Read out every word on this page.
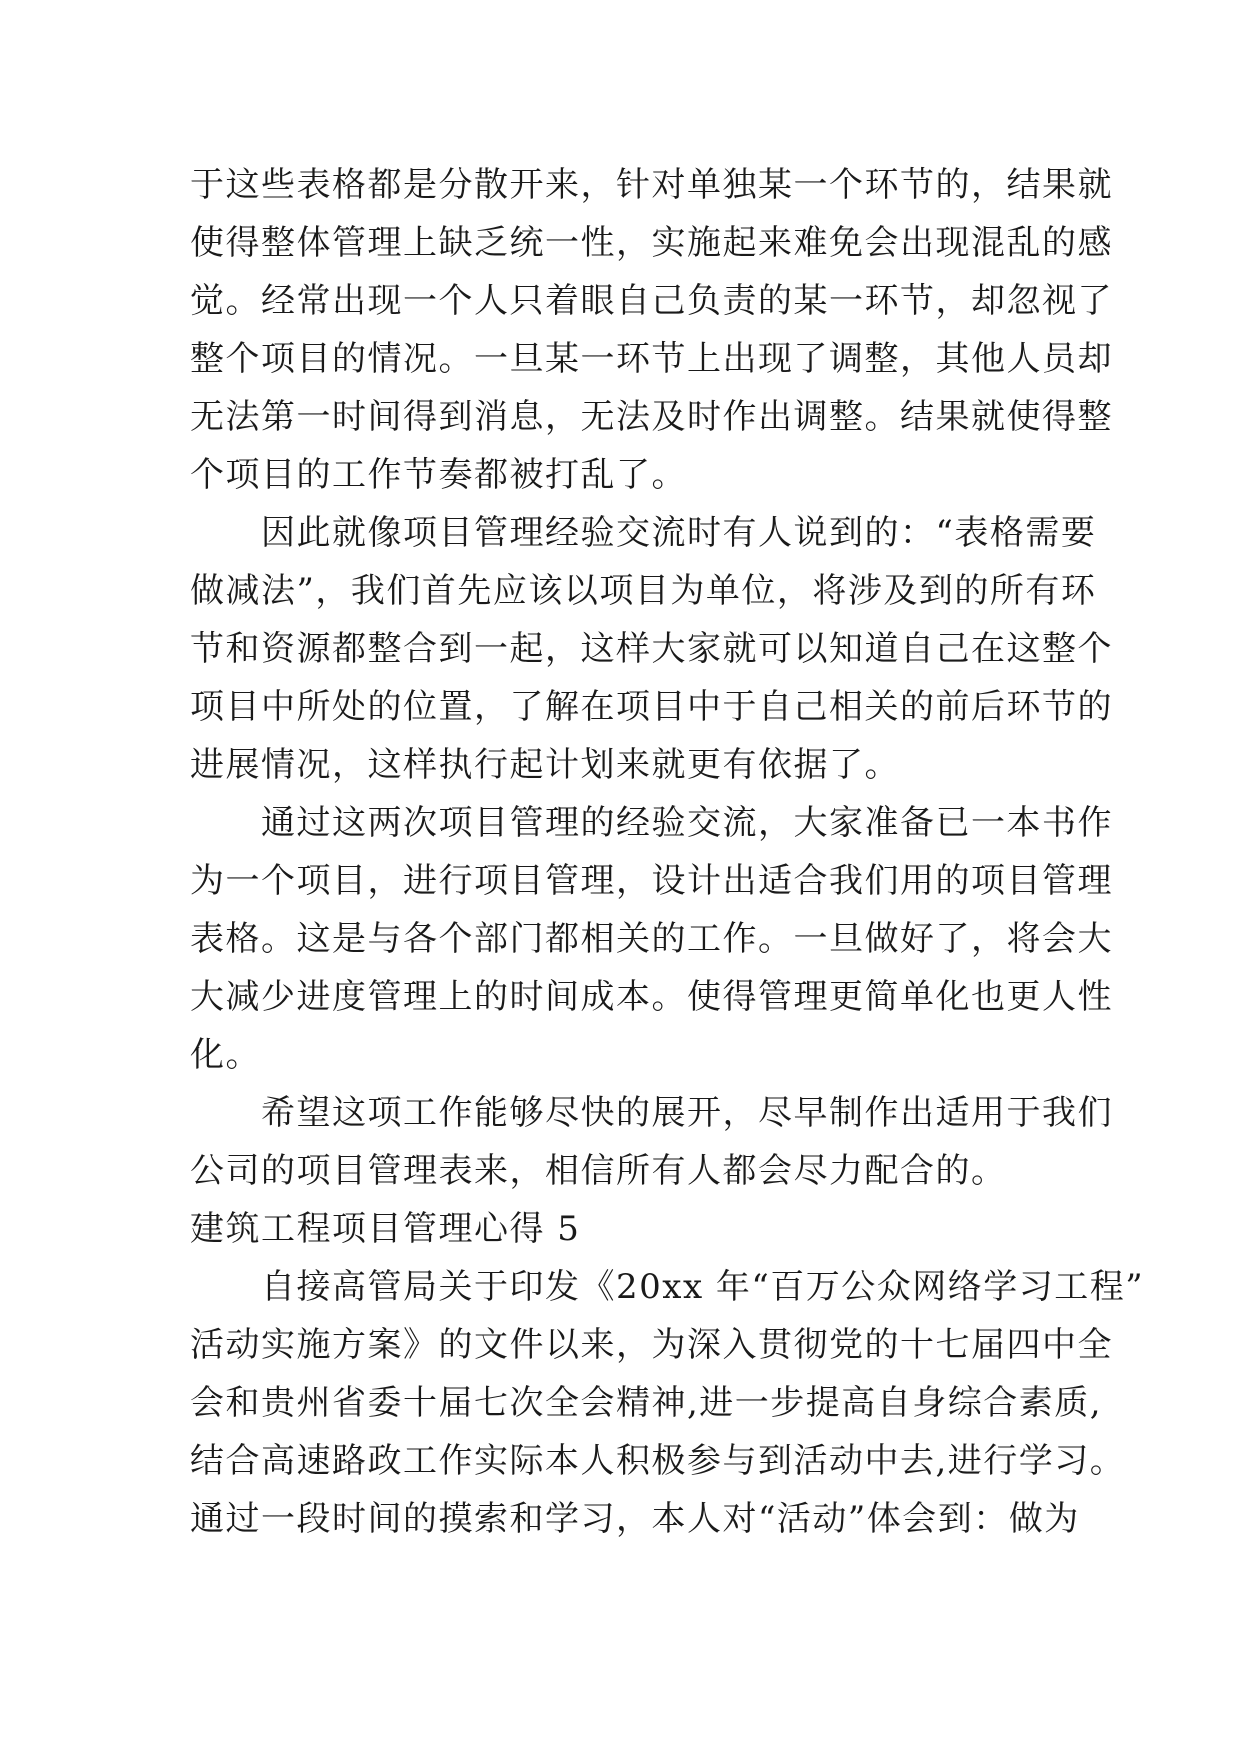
于这些表格都是分散开来，针对单独某一个环节的，结果就
使得整体管理上缺乏统一性，实施起来难免会出现混乱的感
觉。经常出现一个人只着眼自己负责的某一环节，却忽视了
整个项目的情况。一旦某一环节上出现了调整，其他人员却
无法第一时间得到消息，无法及时作出调整。结果就使得整
个项目的工作节奏都被打乱了。
　　因此就像项目管理经验交流时有人说到的：“表格需要
做减法”，我们首先应该以项目为单位，将涉及到的所有环
节和资源都整合到一起，这样大家就可以知道自己在这整个
项目中所处的位置，了解在项目中于自己相关的前后环节的
进展情况，这样执行起计划来就更有依据了。
　　通过这两次项目管理的经验交流，大家准备已一本书作
为一个项目，进行项目管理，设计出适合我们用的项目管理
表格。这是与各个部门都相关的工作。一旦做好了，将会大
大减少进度管理上的时间成本。使得管理更简单化也更人性
化。
　　希望这项工作能够尽快的展开，尽早制作出适用于我们
公司的项目管理表来，相信所有人都会尽力配合的。
建筑工程项目管理心得 5
　　自接高管局关于印发《20xx 年“百万公众网络学习工程”
活动实施方案》的文件以来，为深入贯彻党的十七届四中全
会和贵州省委十届七次全会精神,进一步提高自身综合素质,
结合高速路政工作实际本人积极参与到活动中去,进行学习。
通过一段时间的摸索和学习，本人对“活动”体会到：做为
